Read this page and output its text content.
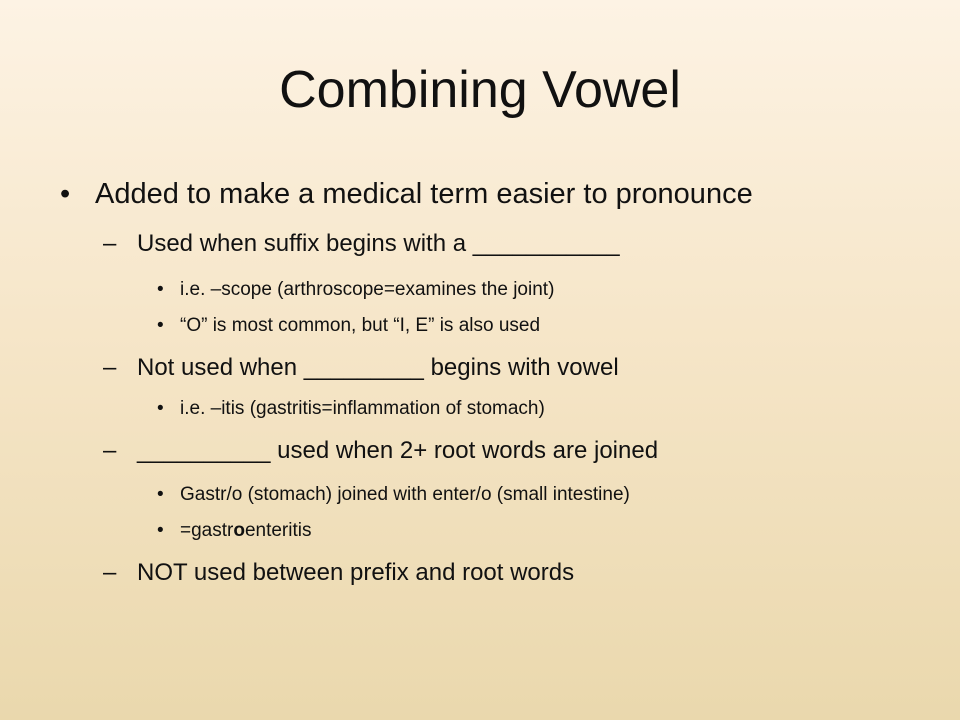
Combining Vowel
• Added to make a medical term easier to pronounce
– Used when suffix begins with a ___________
• i.e. –scope (arthroscope=examines the joint)
• “O” is most common, but “I, E” is also used
– Not used when _________ begins with vowel
• i.e. –itis (gastritis=inflammation of stomach)
– __________ used when 2+ root words are joined
• Gastr/o (stomach) joined with enter/o (small intestine)
• =gastroenteritis
– NOT used between prefix and root words
